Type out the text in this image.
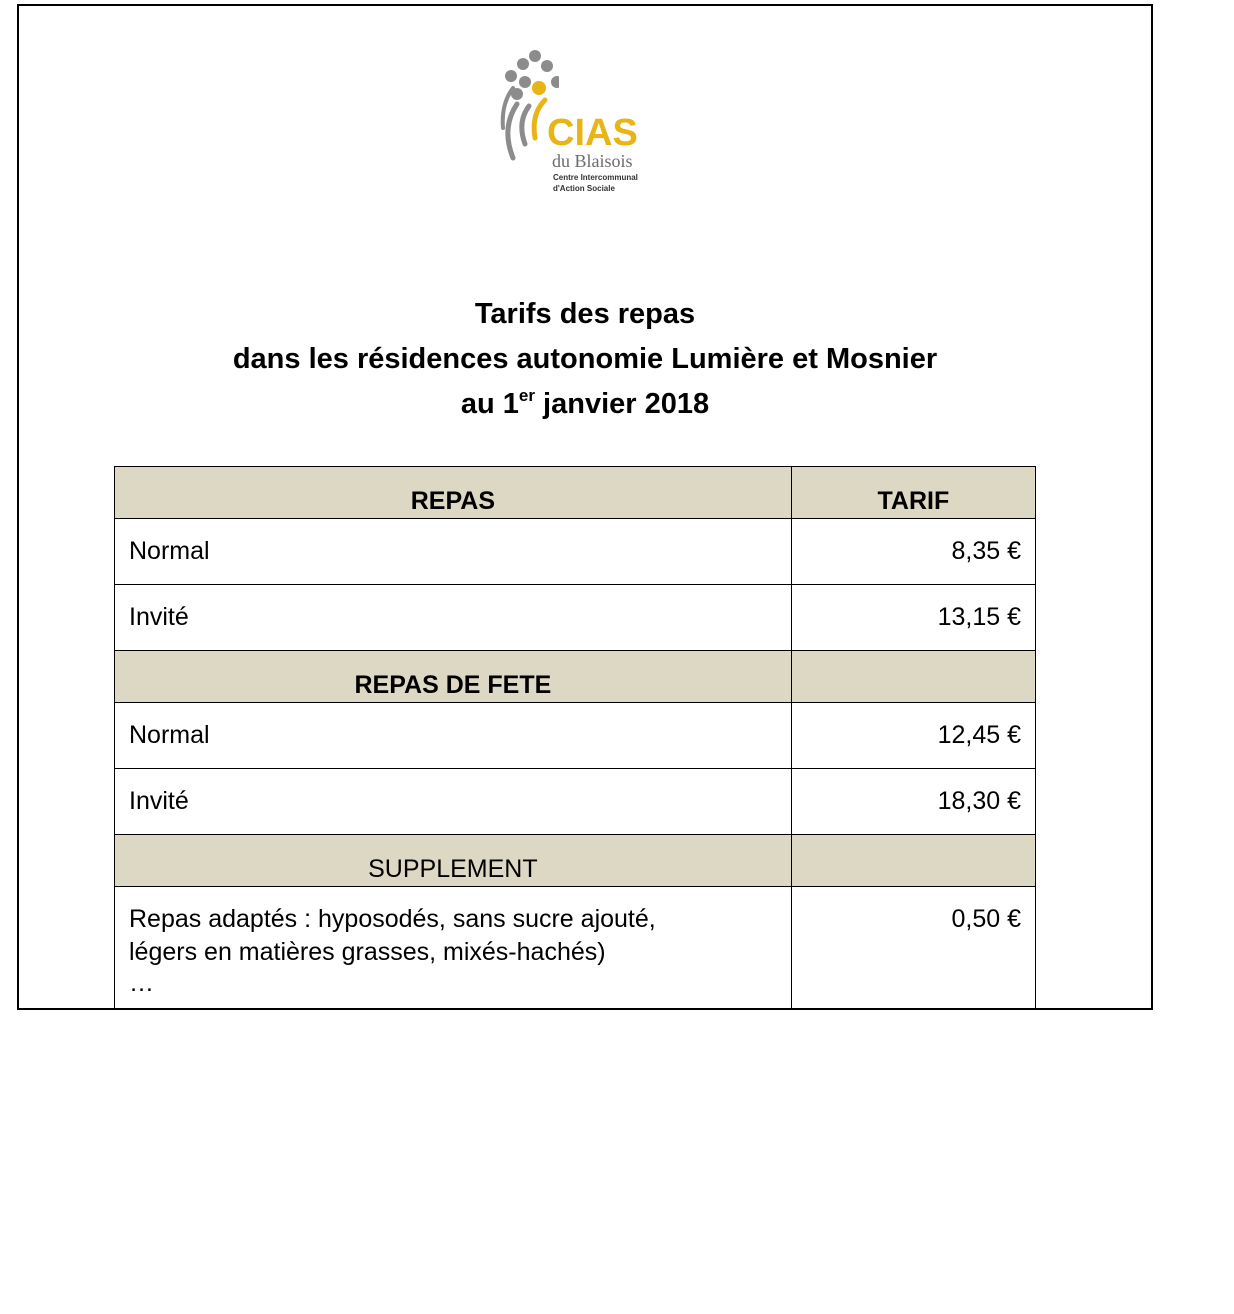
CIAS
du Blaisois
Centre Intercommunal
d'Action Sociale
Tarifs des repas
dans les résidences autonomie Lumière et Mosnier
au 1er janvier 2018
REPAS	TARIF
Normal	8,35 €
Invité	13,15 €
REPAS DE FETE	
Normal	12,45 €
Invité	18,30 €
SUPPLEMENT	
Repas adaptés : hyposodés, sans sucre ajouté,
légers en matières grasses, mixés-hachés)
…	0,50 €
